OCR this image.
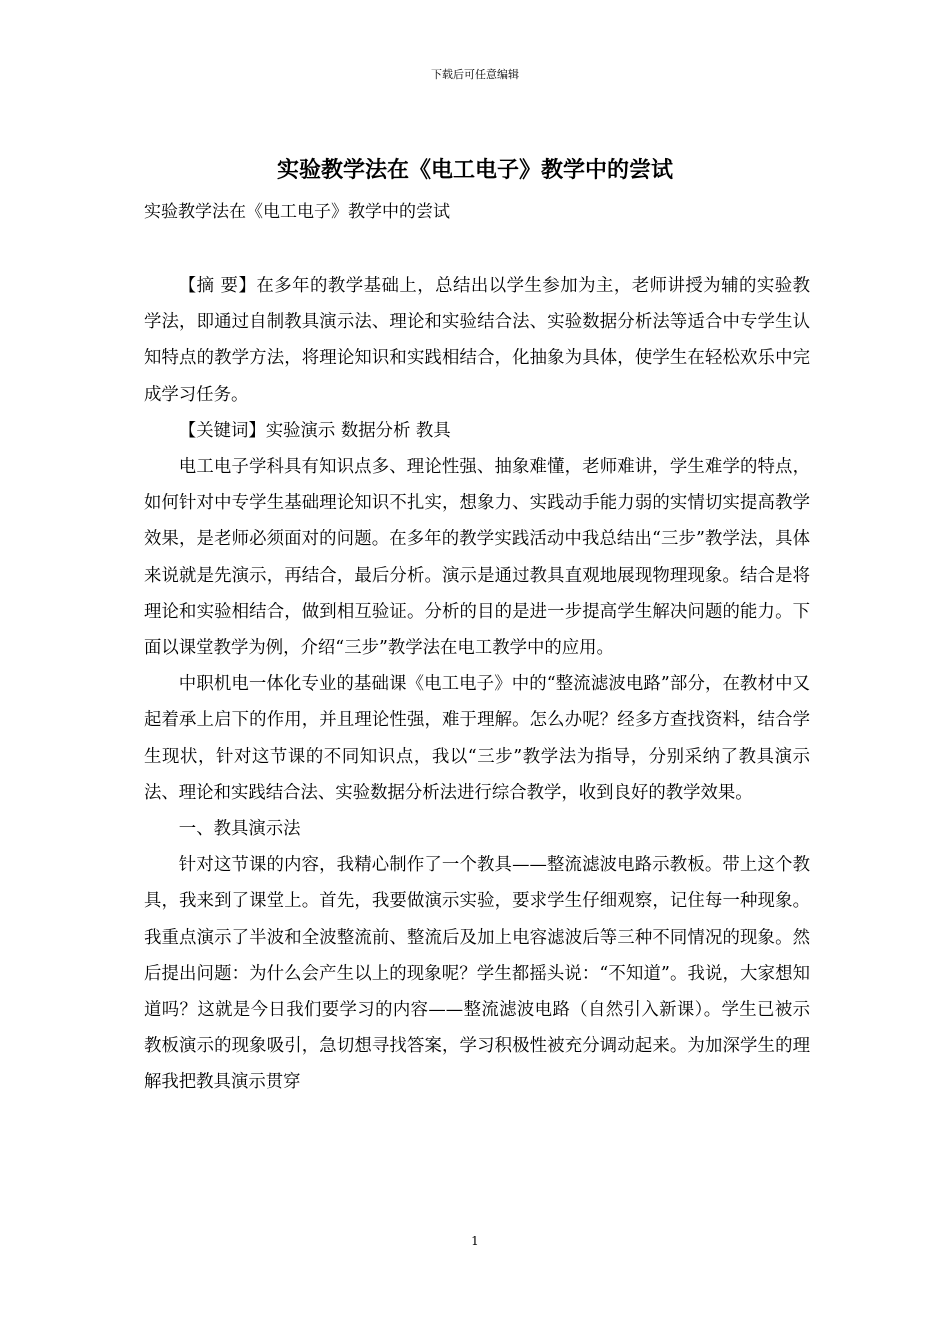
下载后可任意编辑
实验教学法在《电工电子》教学中的尝试

实验教学法在《电工电子》教学中的尝试

【摘 要】在多年的教学基础上，总结出以学生参加为主，老师讲授为辅的实验教学法，即通过自制教具演示法、理论和实验结合法、实验数据分析法等适合中专学生认知特点的教学方法，将理论知识和实践相结合，化抽象为具体，使学生在轻松欢乐中完成学习任务。

【关键词】实验演示 数据分析 教具

电工电子学科具有知识点多、理论性强、抽象难懂，老师难讲，学生难学的特点，如何针对中专学生基础理论知识不扎实，想象力、实践动手能力弱的实情切实提高教学效果，是老师必须面对的问题。在多年的教学实践活动中我总结出“三步”教学法，具体来说就是先演示，再结合，最后分析。演示是通过教具直观地展现物理现象。结合是将理论和实验相结合，做到相互验证。分析的目的是进一步提高学生解决问题的能力。下面以课堂教学为例，介绍“三步”教学法在电工教学中的应用。

中职机电一体化专业的基础课《电工电子》中的“整流滤波电路”部分，在教材中又起着承上启下的作用，并且理论性强，难于理解。怎么办呢？经多方查找资料，结合学生现状，针对这节课的不同知识点，我以“三步”教学法为指导，分别采纳了教具演示法、理论和实践结合法、实验数据分析法进行综合教学，收到良好的教学效果。

一、教具演示法

针对这节课的内容，我精心制作了一个教具——整流滤波电路示教板。带上这个教具，我来到了课堂上。首先，我要做演示实验，要求学生仔细观察，记住每一种现象。我重点演示了半波和全波整流前、整流后及加上电容滤波后等三种不同情况的现象。然后提出问题：为什么会产生以上的现象呢？学生都摇头说：“不知道”。我说，大家想知道吗？这就是今日我们要学习的内容——整流滤波电路（自然引入新课）。学生已被示教板演示的现象吸引，急切想寻找答案，学习积极性被充分调动起来。为加深学生的理解我把教具演示贯穿

1
